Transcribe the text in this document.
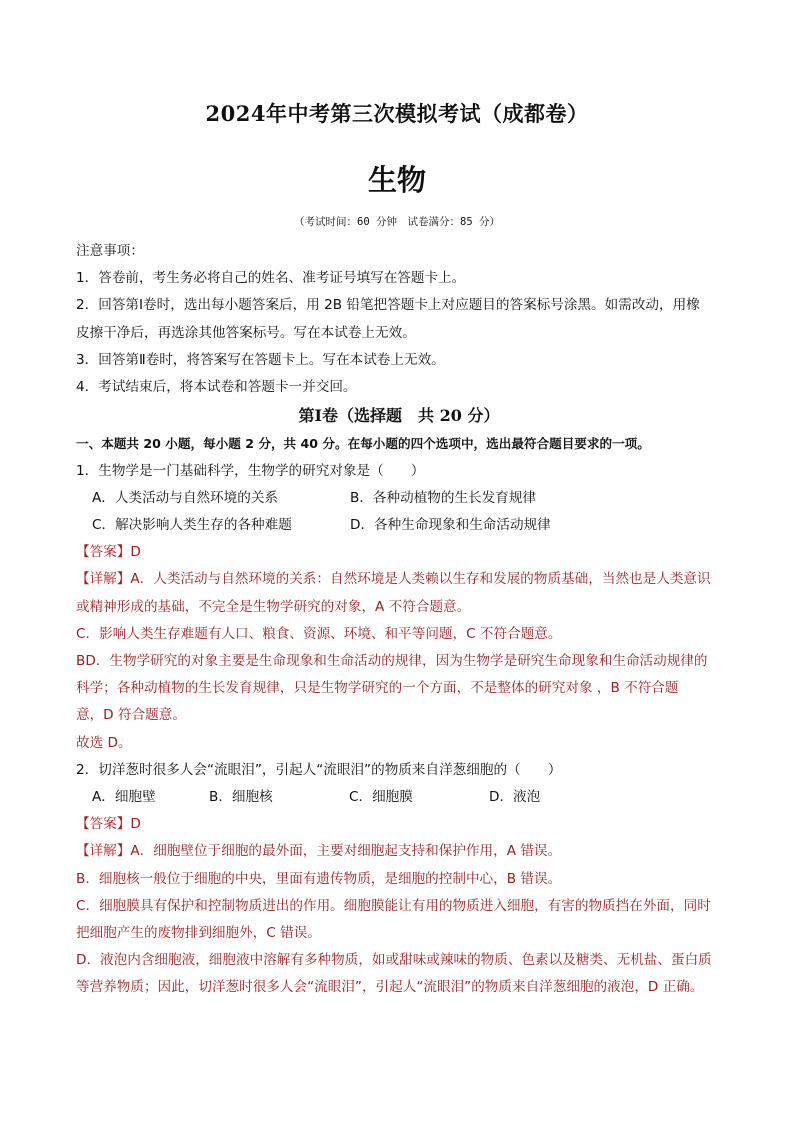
2024年中考第三次模拟考试（成都卷）
生物
（考试时间：60 分钟　试卷满分：85 分）
注意事项：
1．答卷前，考生务必将自己的姓名、准考证号填写在答题卡上。
2．回答第Ⅰ卷时，选出每小题答案后，用 2B 铅笔把答题卡上对应题目的答案标号涂黑。如需改动，用橡
皮擦干净后，再选涂其他答案标号。写在本试卷上无效。
3．回答第Ⅱ卷时，将答案写在答题卡上。写在本试卷上无效。
4．考试结束后，将本试卷和答题卡一并交回。
第Ⅰ卷（选择题　共 20 分）
一、本题共 20 小题，每小题 2 分，共 40 分。在每小题的四个选项中，选出最符合题目要求的一项。
1．生物学是一门基础科学，生物学的研究对象是（　　）
A．人类活动与自然环境的关系	B．各种动植物的生长发育规律
C．解决影响人类生存的各种难题	D．各种生命现象和生命活动规律
【答案】D
【详解】A．人类活动与自然环境的关系：自然环境是人类赖以生存和发展的物质基础，当然也是人类意识
或精神形成的基础，不完全是生物学研究的对象，A 不符合题意。
C．影响人类生存难题有人口、粮食、资源、环境、和平等问题，C 不符合题意。
BD．生物学研究的对象主要是生命现象和生命活动的规律，因为生物学是研究生命现象和生命活动规律的
科学；各种动植物的生长发育规律，只是生物学研究的一个方面，不是整体的研究对象 ，B 不符合题
意，D 符合题意。
故选 D。
2．切洋葱时很多人会“流眼泪”，引起人“流眼泪”的物质来自洋葱细胞的（　　）
A．细胞壁	B．细胞核	C．细胞膜	D．液泡
【答案】D
【详解】A．细胞壁位于细胞的最外面，主要对细胞起支持和保护作用，A 错误。
B．细胞核一般位于细胞的中央，里面有遗传物质，是细胞的控制中心，B 错误。
C．细胞膜具有保护和控制物质进出的作用。细胞膜能让有用的物质进入细胞，有害的物质挡在外面，同时
把细胞产生的废物排到细胞外，C 错误。
D．液泡内含细胞液，细胞液中溶解有多种物质，如或甜味或辣味的物质、色素以及糖类、无机盐、蛋白质
等营养物质；因此，切洋葱时很多人会“流眼泪”，引起人“流眼泪”的物质来自洋葱细胞的液泡，D 正确。
